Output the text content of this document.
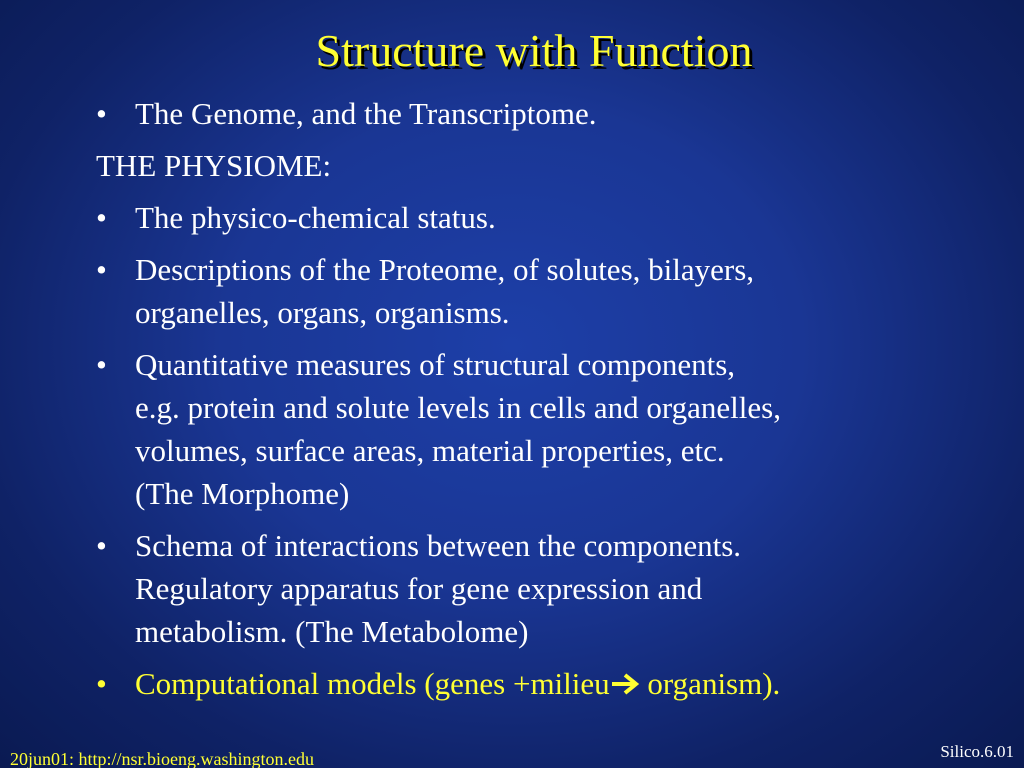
Structure with Function
• The Genome, and the Transcriptome.
THE PHYSIOME:
• The physico-chemical status.
• Descriptions of the Proteome, of solutes, bilayers,
organelles, organs, organisms.
• Quantitative measures of structural components,
e.g. protein and solute levels in cells and organelles,
volumes, surface areas, material properties, etc.
(The Morphome)
• Schema of interactions between the components.
Regulatory apparatus for gene expression and
metabolism. (The Metabolome)
• Computational models (genes +milieu organism).
20jun01: http://nsr.bioeng.washington.edu	Silico.6.01
